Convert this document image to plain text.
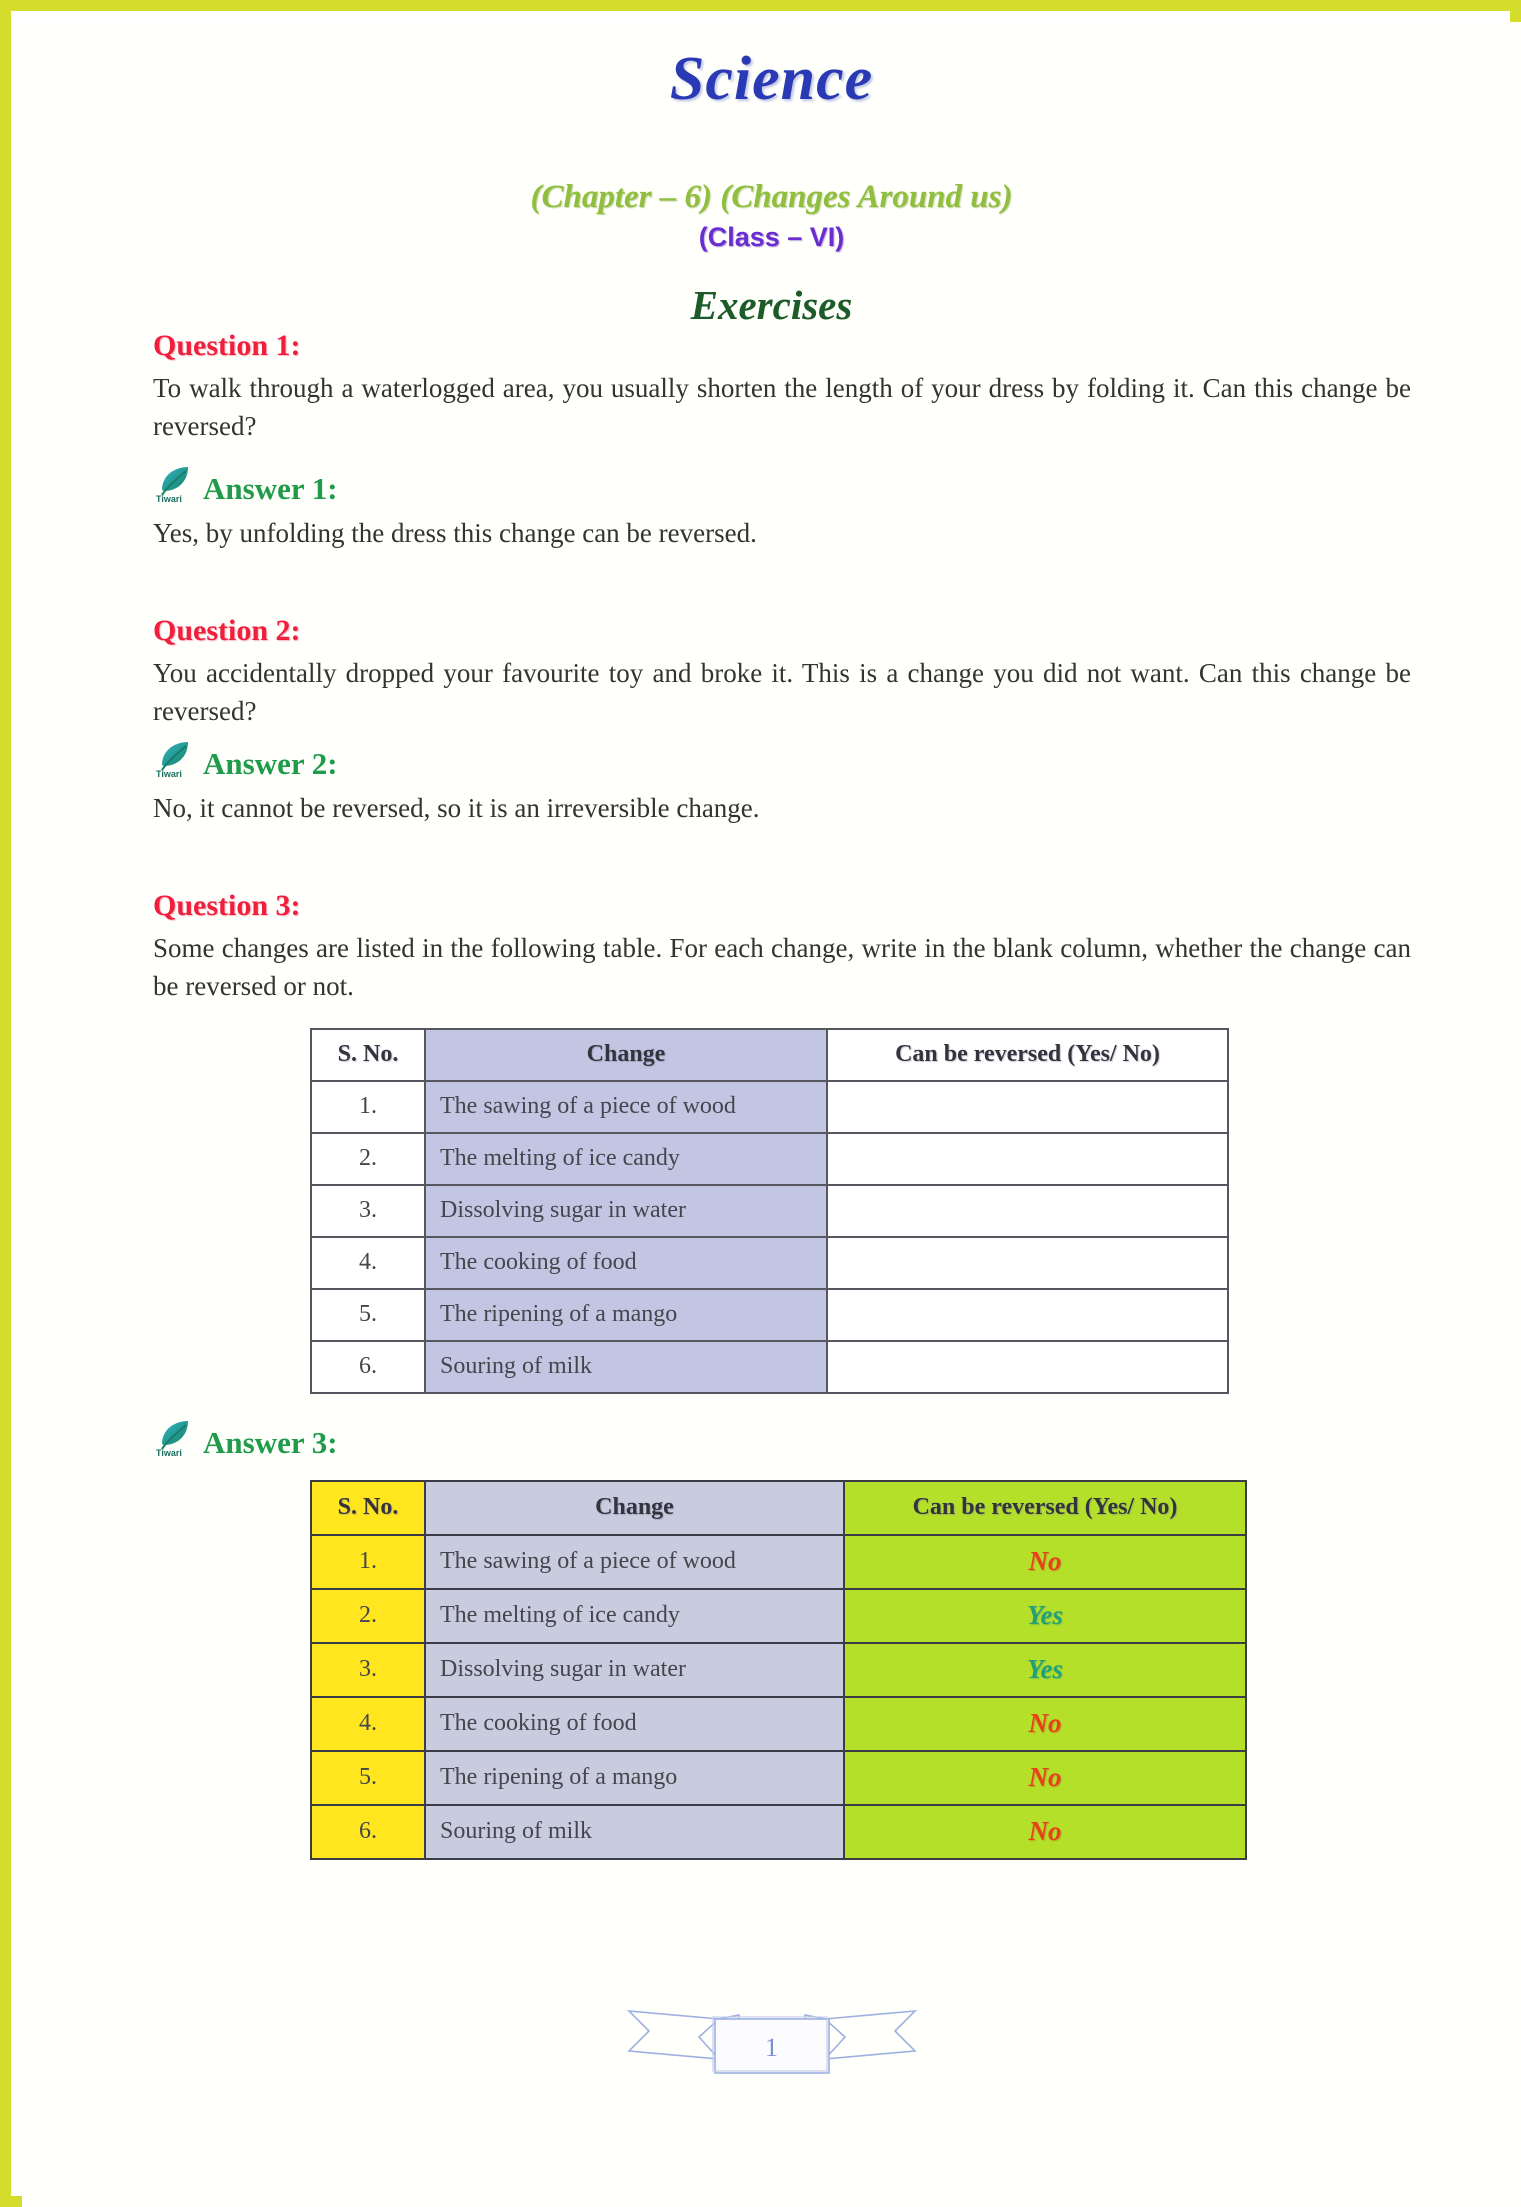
Science
(Chapter – 6) (Changes Around us)
(Class – VI)
Exercises
Question 1:

To walk through a waterlogged area, you usually shorten the length of your dress by folding it. Can this change be reversed?

Tiwari Answer 1:

Yes, by unfolding the dress this change can be reversed.

Question 2:

You accidentally dropped your favourite toy and broke it. This is a change you did not want. Can this change be reversed?

Tiwari Answer 2:

No, it cannot be reversed, so it is an irreversible change.

Question 3:

Some changes are listed in the following table. For each change, write in the blank column, whether the change can be reversed or not.

S. No.	Change	Can be reversed (Yes/ No)
1.	The sawing of a piece of wood	
2.	The melting of ice candy	
3.	Dissolving sugar in water	
4.	The cooking of food	
5.	The ripening of a mango	
6.	Souring of milk	
Tiwari Answer 3:
S. No.	Change	Can be reversed (Yes/ No)
1.	The sawing of a piece of wood	No
2.	The melting of ice candy	Yes
3.	Dissolving sugar in water	Yes
4.	The cooking of food	No
5.	The ripening of a mango	No
6.	Souring of milk	No
1
